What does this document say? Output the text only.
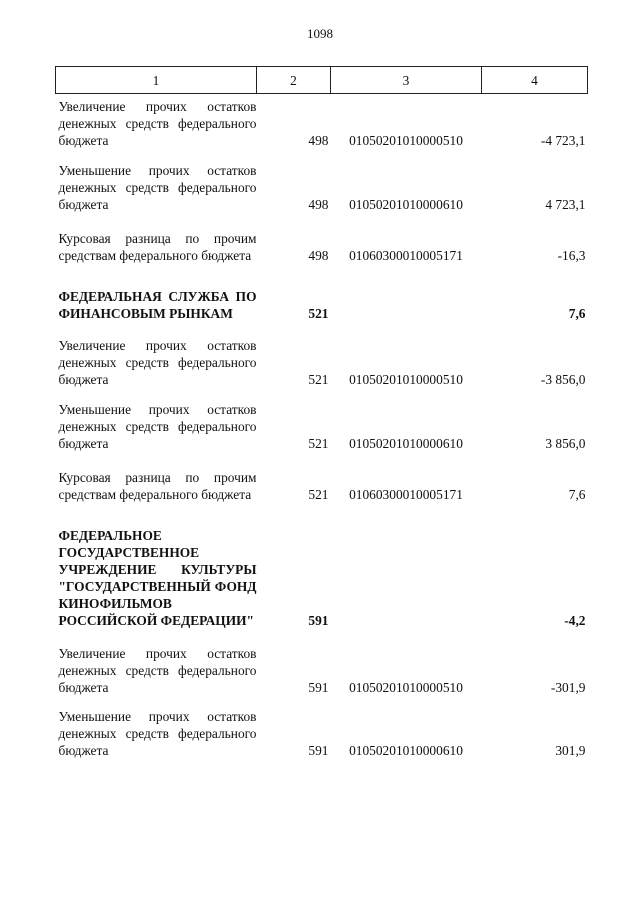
1098
1	2	3	4

Увеличение прочих остатков денежных средств федерального бюджета	498	01050201010000510	-4 723,1

Уменьшение прочих остатков денежных средств федерального бюджета	498	01050201010000610	4 723,1

Курсовая разница по прочим средствам федерального бюджета	498	01060300010005171	-16,3

ФЕДЕРАЛЬНАЯ СЛУЖБА ПО ФИНАНСОВЫМ РЫНКАМ	521		7,6

Увеличение прочих остатков денежных средств федерального бюджета	521	01050201010000510	-3 856,0

Уменьшение прочих остатков денежных средств федерального бюджета	521	01050201010000610	3 856,0

Курсовая разница по прочим средствам федерального бюджета	521	01060300010005171	7,6

ФЕДЕРАЛЬНОЕ ГОСУДАРСТВЕННОЕ УЧРЕЖДЕНИЕ КУЛЬТУРЫ "ГОСУДАРСТВЕННЫЙ ФОНД КИНОФИЛЬМОВ РОССИЙСКОЙ ФЕДЕРАЦИИ"	591		-4,2

Увеличение прочих остатков денежных средств федерального бюджета	591	01050201010000510	-301,9

Уменьшение прочих остатков денежных средств федерального бюджета	591	01050201010000610	301,9
